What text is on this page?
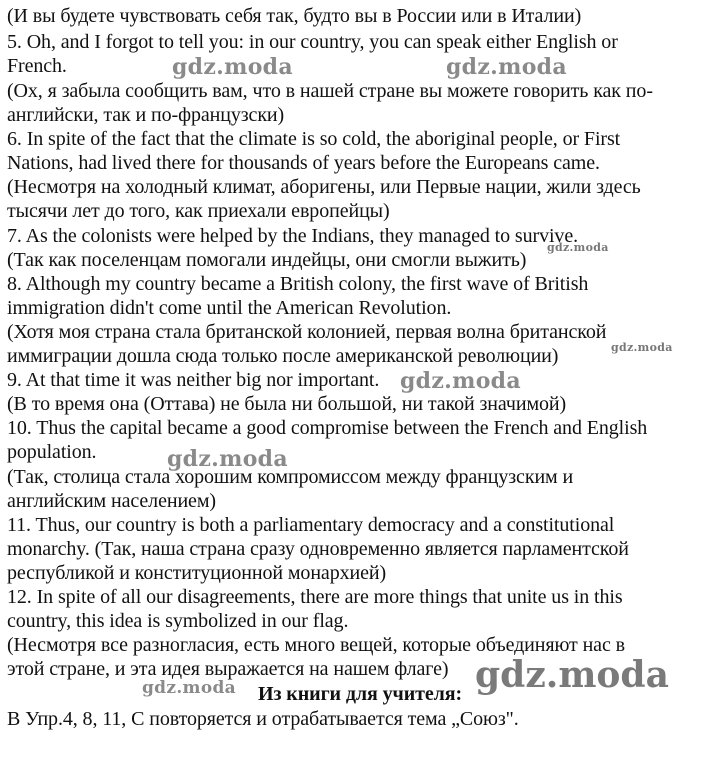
(И вы будете чувствовать себя так, будто вы в России или в Италии)
5. Oh, and I forgot to tell you: in our country, you can speak either English or
French.
(Ох, я забыла сообщить вам, что в нашей стране вы можете говорить как по-
английски, так и по-французски)
6. In spite of the fact that the climate is so cold, the aboriginal people, or First
Nations, had lived there for thousands of years before the Europeans came.
(Несмотря на холодный климат, аборигены, или Первые нации, жили здесь
тысячи лет до того, как приехали европейцы)
7. As the colonists were helped by the Indians, they managed to survive.
(Так как поселенцам помогали индейцы, они смогли выжить)
8. Although my country became a British colony, the first wave of British
immigration didn't come until the American Revolution.
(Хотя моя страна стала британской колонией, первая волна британской
иммиграции дошла сюда только после американской революции)
9. At that time it was neither big nor important.
(В то время она (Оттава) не была ни большой, ни такой значимой)
10. Thus the capital became a good compromise between the French and English
population.
(Так, столица стала хорошим компромиссом между французским и
английским населением)
11. Thus, our country is both a parliamentary democracy and a constitutional
monarchy. (Так, наша страна сразу одновременно является парламентской
республикой и конституционной монархией)
12. In spite of all our disagreements, there are more things that unite us in this
country, this idea is symbolized in our flag.
(Несмотря все разногласия, есть много вещей, которые объединяют нас в
этой стране, и эта идея выражается на нашем флаге)
Из книги для учителя:
В Упр.4, 8, 11, С повторяется и отрабатывается тема „Союз".
gdz.moda	gdz.moda
gdz.moda
gdz.moda
gdz.moda
gdz.moda
gdz.moda	gdz.moda
